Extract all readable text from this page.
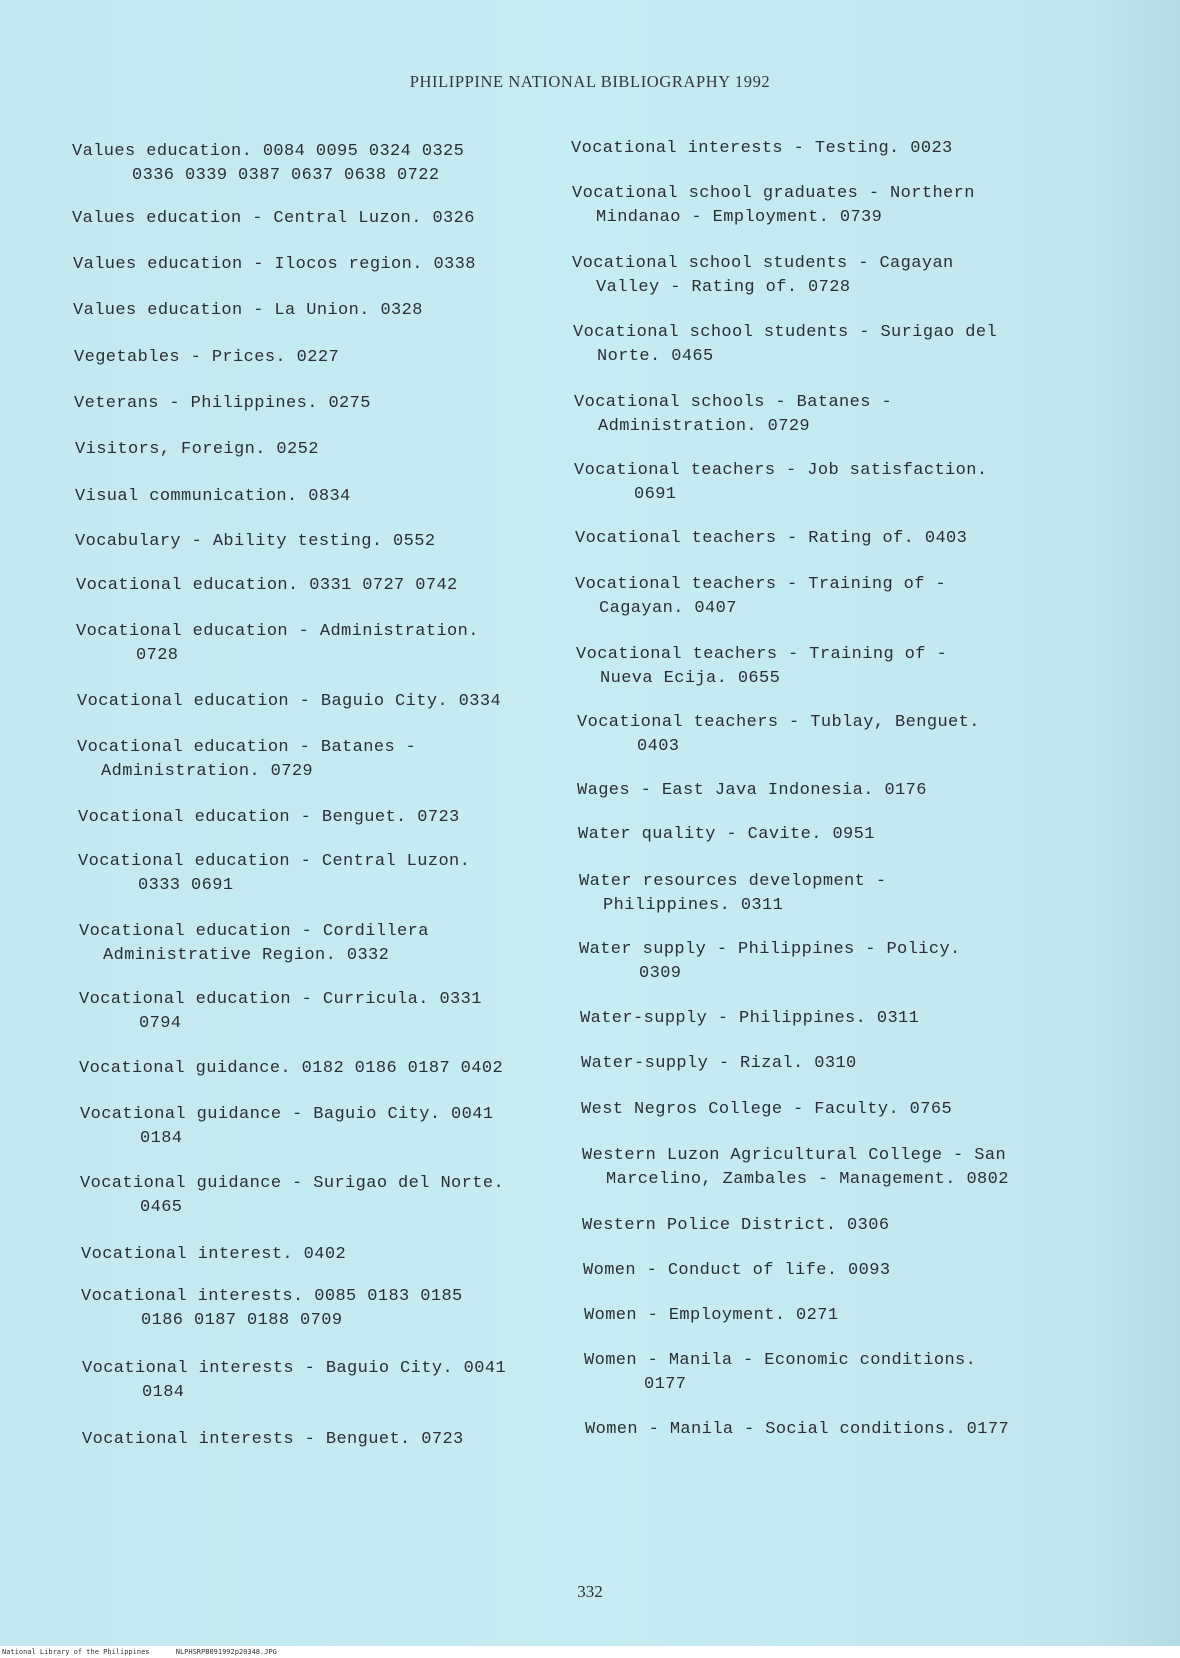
PHILIPPINE NATIONAL BIBLIOGRAPHY 1992
Values education. 0084 0095 0324 0325
0336 0339 0387 0637 0638 0722
Values education - Central Luzon. 0326
Values education - Ilocos region. 0338
Values education - La Union. 0328
Vegetables - Prices. 0227
Veterans - Philippines. 0275
Visitors, Foreign. 0252
Visual communication. 0834
Vocabulary - Ability testing. 0552
Vocational education. 0331 0727 0742
Vocational education - Administration.
0728
Vocational education - Baguio City. 0334
Vocational education - Batanes -
Administration. 0729
Vocational education - Benguet. 0723
Vocational education - Central Luzon.
0333 0691
Vocational education - Cordillera
Administrative Region. 0332
Vocational education - Curricula. 0331
0794
Vocational guidance. 0182 0186 0187 0402
Vocational guidance - Baguio City. 0041
0184
Vocational guidance - Surigao del Norte.
0465
Vocational interest. 0402
Vocational interests. 0085 0183 0185
0186 0187 0188 0709
Vocational interests - Baguio City. 0041
0184
Vocational interests - Benguet. 0723
Vocational interests - Testing. 0023
Vocational school graduates - Northern
Mindanao - Employment. 0739
Vocational school students - Cagayan
Valley - Rating of. 0728
Vocational school students - Surigao del
Norte. 0465
Vocational schools - Batanes -
Administration. 0729
Vocational teachers - Job satisfaction.
0691
Vocational teachers - Rating of. 0403
Vocational teachers - Training of -
Cagayan. 0407
Vocational teachers - Training of -
Nueva Ecija. 0655
Vocational teachers - Tublay, Benguet.
0403
Wages - East Java Indonesia. 0176
Water quality - Cavite. 0951
Water resources development -
Philippines. 0311
Water supply - Philippines - Policy.
0309
Water-supply - Philippines. 0311
Water-supply - Rizal. 0310
West Negros College - Faculty. 0765
Western Luzon Agricultural College - San
Marcelino, Zambales - Management. 0802
Western Police District. 0306
Women - Conduct of life. 0093
Women - Employment. 0271
Women - Manila - Economic conditions.
0177
Women - Manila - Social conditions. 0177
332
National Library of the Philippines	NLPHSRPB091992p20348.JPG
